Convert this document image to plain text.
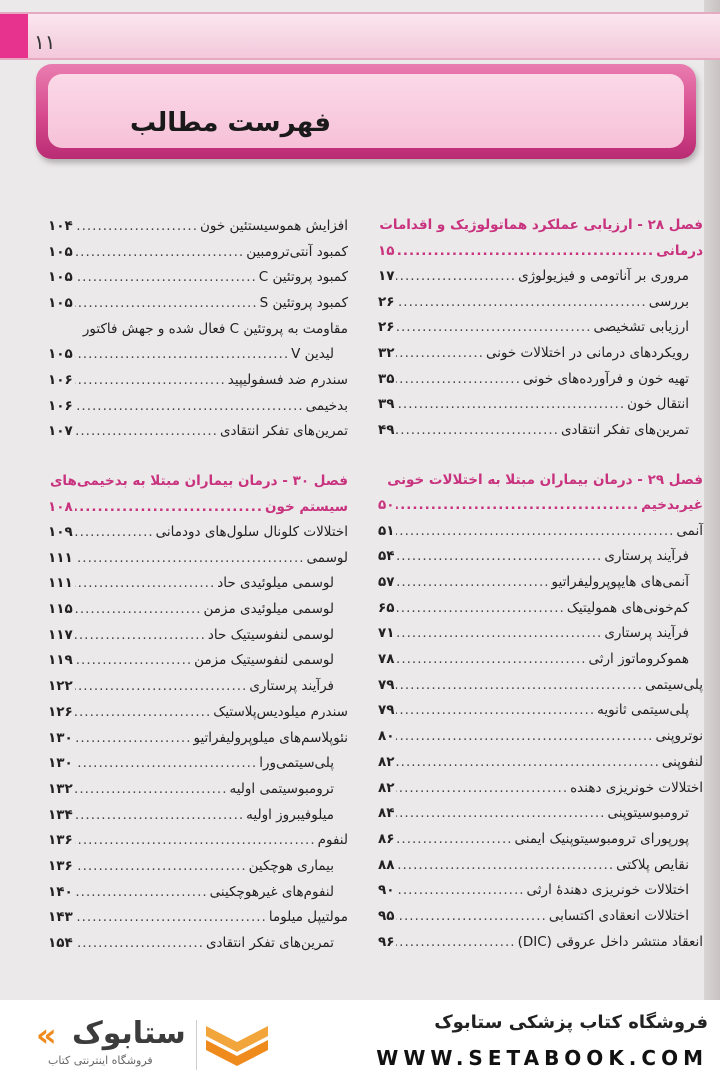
۱۱
فهرست مطالب
فصل ۲۸ - ارزیابی عملکرد هماتولوژیک و اقدامات
درمانی
.....
۱۵
مروری بر آناتومی و فیزیولوژی
.....
۱۷
بررسی
.....
۲۶
ارزیابی تشخیصی
.....
۲۶
رویکردهای درمانی در اختلالات خونی
.....
۳۲
تهیه خون و فرآورده‌های خونی
.....
۳۵
انتقال خون
.....
۳۹
تمرین‌های تفکر انتقادی
.....
۴۹
فصل ۲۹ - درمان بیماران مبتلا به اختلالات خونی
غیربدخیم
.....
۵۰
آنمی
.....
۵۱
فرآیند پرستاری
.....
۵۴
آنمی‌های هایپوپرولیفراتیو
.....
۵۷
کم‌خونی‌های همولیتیک
.....
۶۵
فرآیند پرستاری
.....
۷۱
هموکروماتوز ارثی
.....
۷۸
پلی‌سیتمی
.....
۷۹
پلی‌سیتمی ثانویه
.....
۷۹
نوتروپنی
.....
۸۰
لنفوپنی
.....
۸۲
اختلالات خونریزی دهنده
.....
۸۲
ترومبوسیتوپنی
.....
۸۴
پورپورای ترومبوسیتوپنیک ایمنی
.....
۸۶
نقایص پلاکتی
.....
۸۸
اختلالات خونریزی دهندهٔ ارثی
.....
۹۰
اختلالات انعقادی اکتسابی
.....
۹۵
انعقاد منتشر داخل عروقی (DIC)
.....
۹۶
افزایش هموسیستئین خون
.....
۱۰۴
کمبود آنتی‌ترومبین
.....
۱۰۵
کمبود پروتئین C
.....
۱۰۵
کمبود پروتئین S
.....
۱۰۵
مقاومت به پروتئین C فعال شده و جهش فاکتور
لیدین V
.....
۱۰۵
سندرم ضد فسفولیپید
.....
۱۰۶
بدخیمی
.....
۱۰۶
تمرین‌های تفکر انتقادی
.....
۱۰۷
فصل ۳۰ - درمان بیماران مبتلا به بدخیمی‌های
سیستم خون
.....
۱۰۸
اختلالات کلونال سلول‌های دودمانی
.....
۱۰۹
لوسمی
.....
۱۱۱
لوسمی میلوئیدی حاد
.....
۱۱۱
لوسمی میلوئیدی مزمن
.....
۱۱۵
لوسمی لنفوسیتیک حاد
.....
۱۱۷
لوسمی لنفوسیتیک مزمن
.....
۱۱۹
فرآیند پرستاری
.....
۱۲۲
سندرم میلودیس‌پلاستیک
.....
۱۲۶
نئوپلاسم‌های میلوپرولیفراتیو
.....
۱۳۰
پلی‌سیتمی‌ورا
.....
۱۳۰
ترومبوسیتمی اولیه
.....
۱۳۲
میلوفیبروز اولیه
.....
۱۳۴
لنفوم
.....
۱۳۶
بیماری هوچکین
.....
۱۳۶
لنفوم‌های غیرهوچکینی
.....
۱۴۰
مولتیپل میلوما
.....
۱۴۳
تمرین‌های تفکر انتقادی
.....
۱۵۴
فروشگاه کتاب پزشکی ستابوک
WWW.SETABOOK.COM
« ستابوک
فروشگاه اینترنتی کتاب
